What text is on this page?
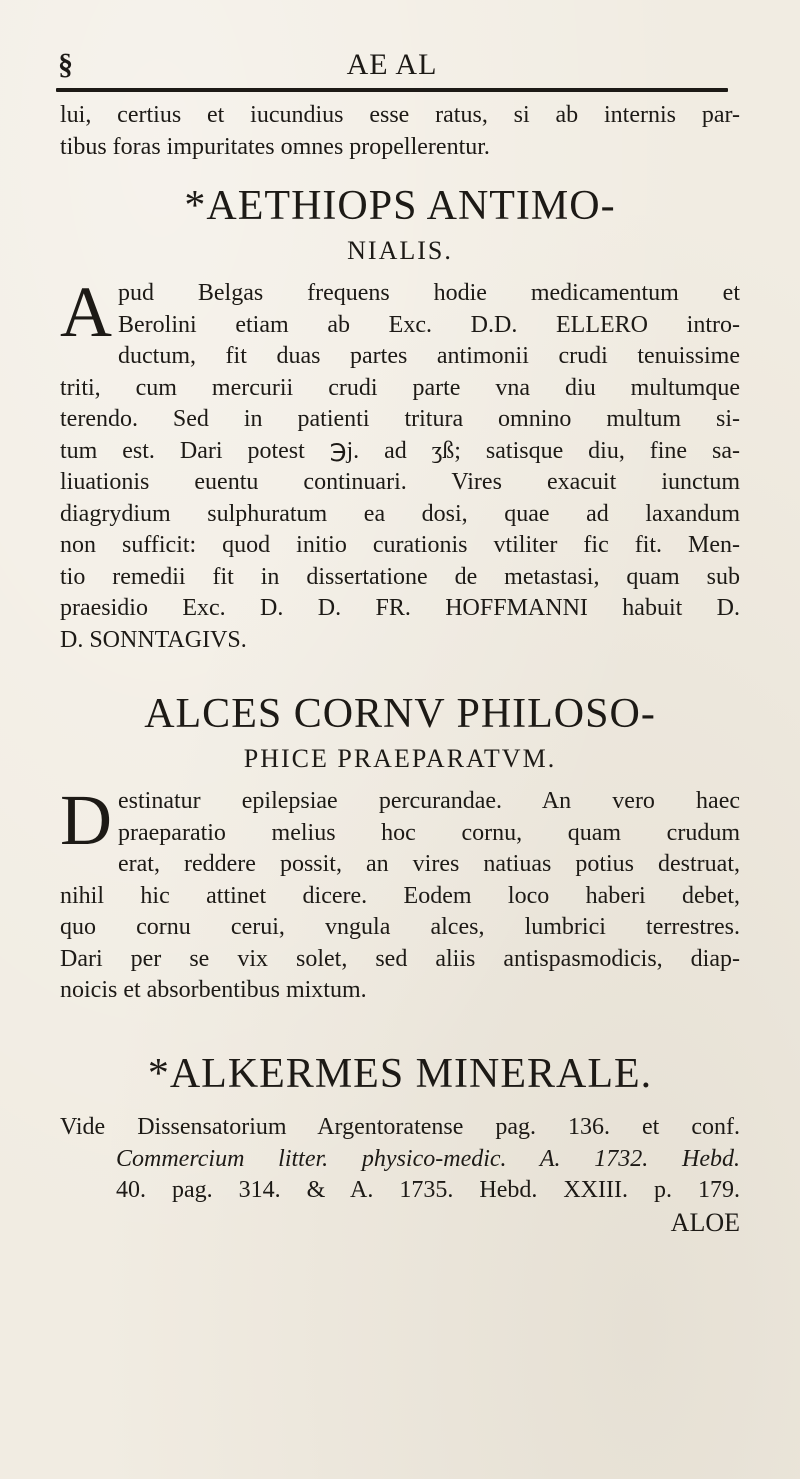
§	AE AL
lui, certius et iucundius esse ratus, si ab internis par-
tibus foras impuritates omnes propellerentur.
*AETHIOPS ANTIMO-
NIALIS.
A pud Belgas frequens hodie medicamentum et
Berolini etiam ab Exc. D.D. ELLERO intro-
ductum, fit duas partes antimonii crudi tenuissime
triti, cum mercurii crudi parte vna diu multumque
terendo. Sed in patienti tritura omnino multum si-
tum est. Dari potest ℈j. ad ʒß; satisque diu, fine sa-
liuationis euentu continuari. Vires exacuit iunctum
diagrydium sulphuratum ea dosi, quae ad laxandum
non sufficit: quod initio curationis vtiliter fic fit. Men-
tio remedii fit in dissertatione de metastasi, quam sub
praesidio Exc. D. D. FR. HOFFMANNI habuit D.
D. SONNTAGIVS.
ALCES CORNV PHILOSO-
PHICE PRAEPARATVM.
D estinatur epilepsiae percurandae. An vero haec
praeparatio melius hoc cornu, quam crudum
erat, reddere possit, an vires natiuas potius destruat,
nihil hic attinet dicere. Eodem loco haberi debet,
quo cornu cerui, vngula alces, lumbrici terrestres.
Dari per se vix solet, sed aliis antispasmodicis, diap-
noicis et absorbentibus mixtum.
*ALKERMES MINERALE.
Vide Dissensatorium Argentoratense pag. 136. et conf.
Commercium litter. physico-medic. A. 1732. Hebd.
40. pag. 314. & A. 1735. Hebd. XXIII. p. 179.
ALOE
